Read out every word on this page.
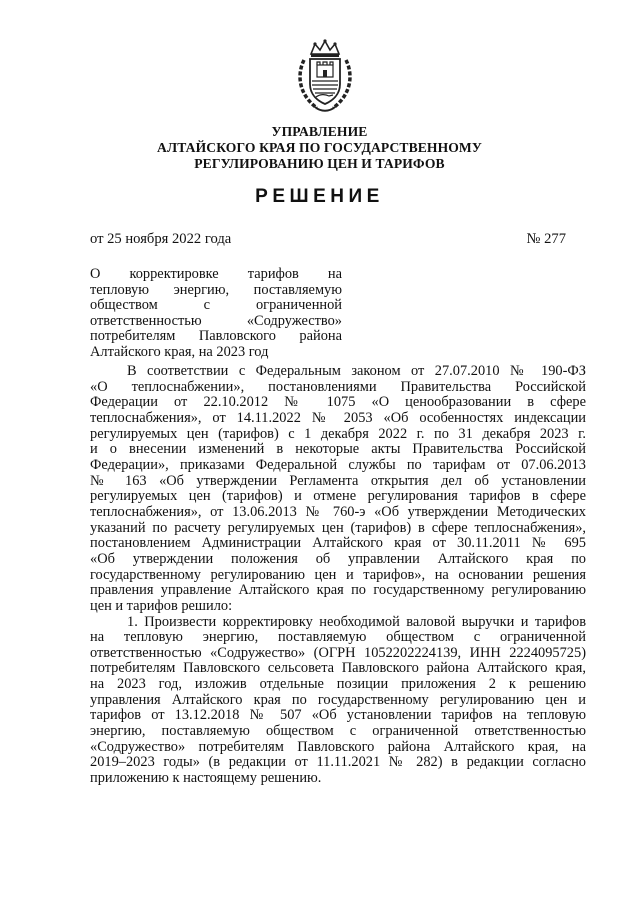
УПРАВЛЕНИЕ
АЛТАЙСКОГО КРАЯ ПО ГОСУДАРСТВЕННОМУ
РЕГУЛИРОВАНИЮ ЦЕН И ТАРИФОВ
РЕШЕНИЕ
от 25 ноября 2022 года	№ 277
О корректировке тарифов на
тепловую энергию, поставляемую
обществом с ограниченной
ответственностью «Содружество»
потребителям Павловского района
Алтайского края, на 2023 год
В соответствии с Федеральным законом от 27.07.2010 № 190-ФЗ
«О теплоснабжении», постановлениями Правительства Российской
Федерации от 22.10.2012 № 1075 «О ценообразовании в сфере
теплоснабжения», от 14.11.2022 № 2053 «Об особенностях индексации
регулируемых цен (тарифов) с 1 декабря 2022 г. по 31 декабря 2023 г.
и о внесении изменений в некоторые акты Правительства Российской
Федерации», приказами Федеральной службы по тарифам от 07.06.2013
№ 163 «Об утверждении Регламента открытия дел об установлении
регулируемых цен (тарифов) и отмене регулирования тарифов в сфере
теплоснабжения», от 13.06.2013 № 760-э «Об утверждении Методических
указаний по расчету регулируемых цен (тарифов) в сфере теплоснабжения»,
постановлением Администрации Алтайского края от 30.11.2011 № 695
«Об утверждении положения об управлении Алтайского края по
государственному регулированию цен и тарифов», на основании решения
правления управление Алтайского края по государственному регулированию
цен и тарифов решило:
1. Произвести корректировку необходимой валовой выручки и тарифов
на тепловую энергию, поставляемую обществом с ограниченной
ответственностью «Содружество» (ОГРН 1052202224139, ИНН 2224095725)
потребителям Павловского сельсовета Павловского района Алтайского края,
на 2023 год, изложив отдельные позиции приложения 2 к решению
управления Алтайского края по государственному регулированию цен и
тарифов от 13.12.2018 № 507 «Об установлении тарифов на тепловую
энергию, поставляемую обществом с ограниченной ответственностью
«Содружество» потребителям Павловского района Алтайского края, на
2019–2023 годы» (в редакции от 11.11.2021 № 282) в редакции согласно
приложению к настоящему решению.
